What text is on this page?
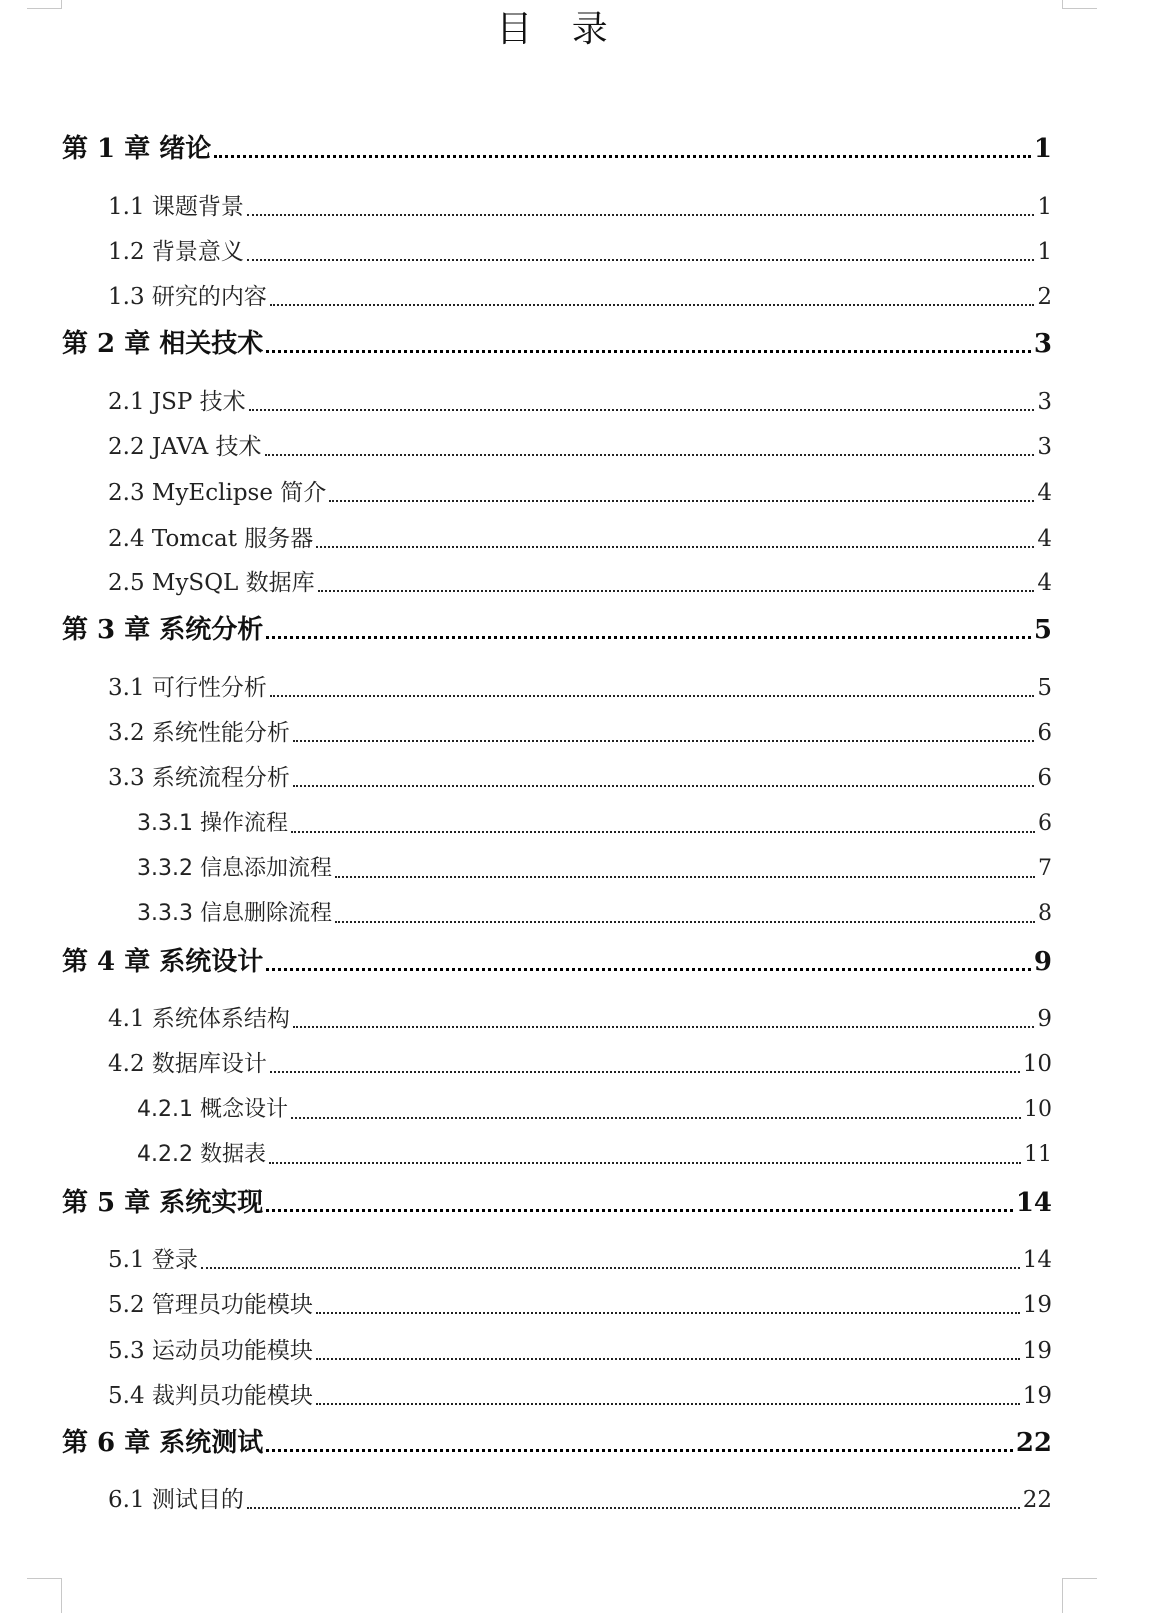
目 录
第 1 章 绪论	1
1.1 课题背景	1
1.2 背景意义	1
1.3 研究的内容	2
第 2 章 相关技术	3
2.1 JSP 技术	3
2.2 JAVA 技术	3
2.3 MyEclipse 简介	4
2.4 Tomcat 服务器	4
2.5 MySQL 数据库	4
第 3 章 系统分析	5
3.1 可行性分析	5
3.2 系统性能分析	6
3.3 系统流程分析	6
3.3.1 操作流程	6
3.3.2 信息添加流程	7
3.3.3 信息删除流程	8
第 4 章 系统设计	9
4.1 系统体系结构	9
4.2 数据库设计	10
4.2.1 概念设计	10
4.2.2 数据表	11
第 5 章 系统实现	14
5.1 登录	14
5.2 管理员功能模块	19
5.3 运动员功能模块	19
5.4 裁判员功能模块	19
第 6 章 系统测试	22
6.1 测试目的	22
